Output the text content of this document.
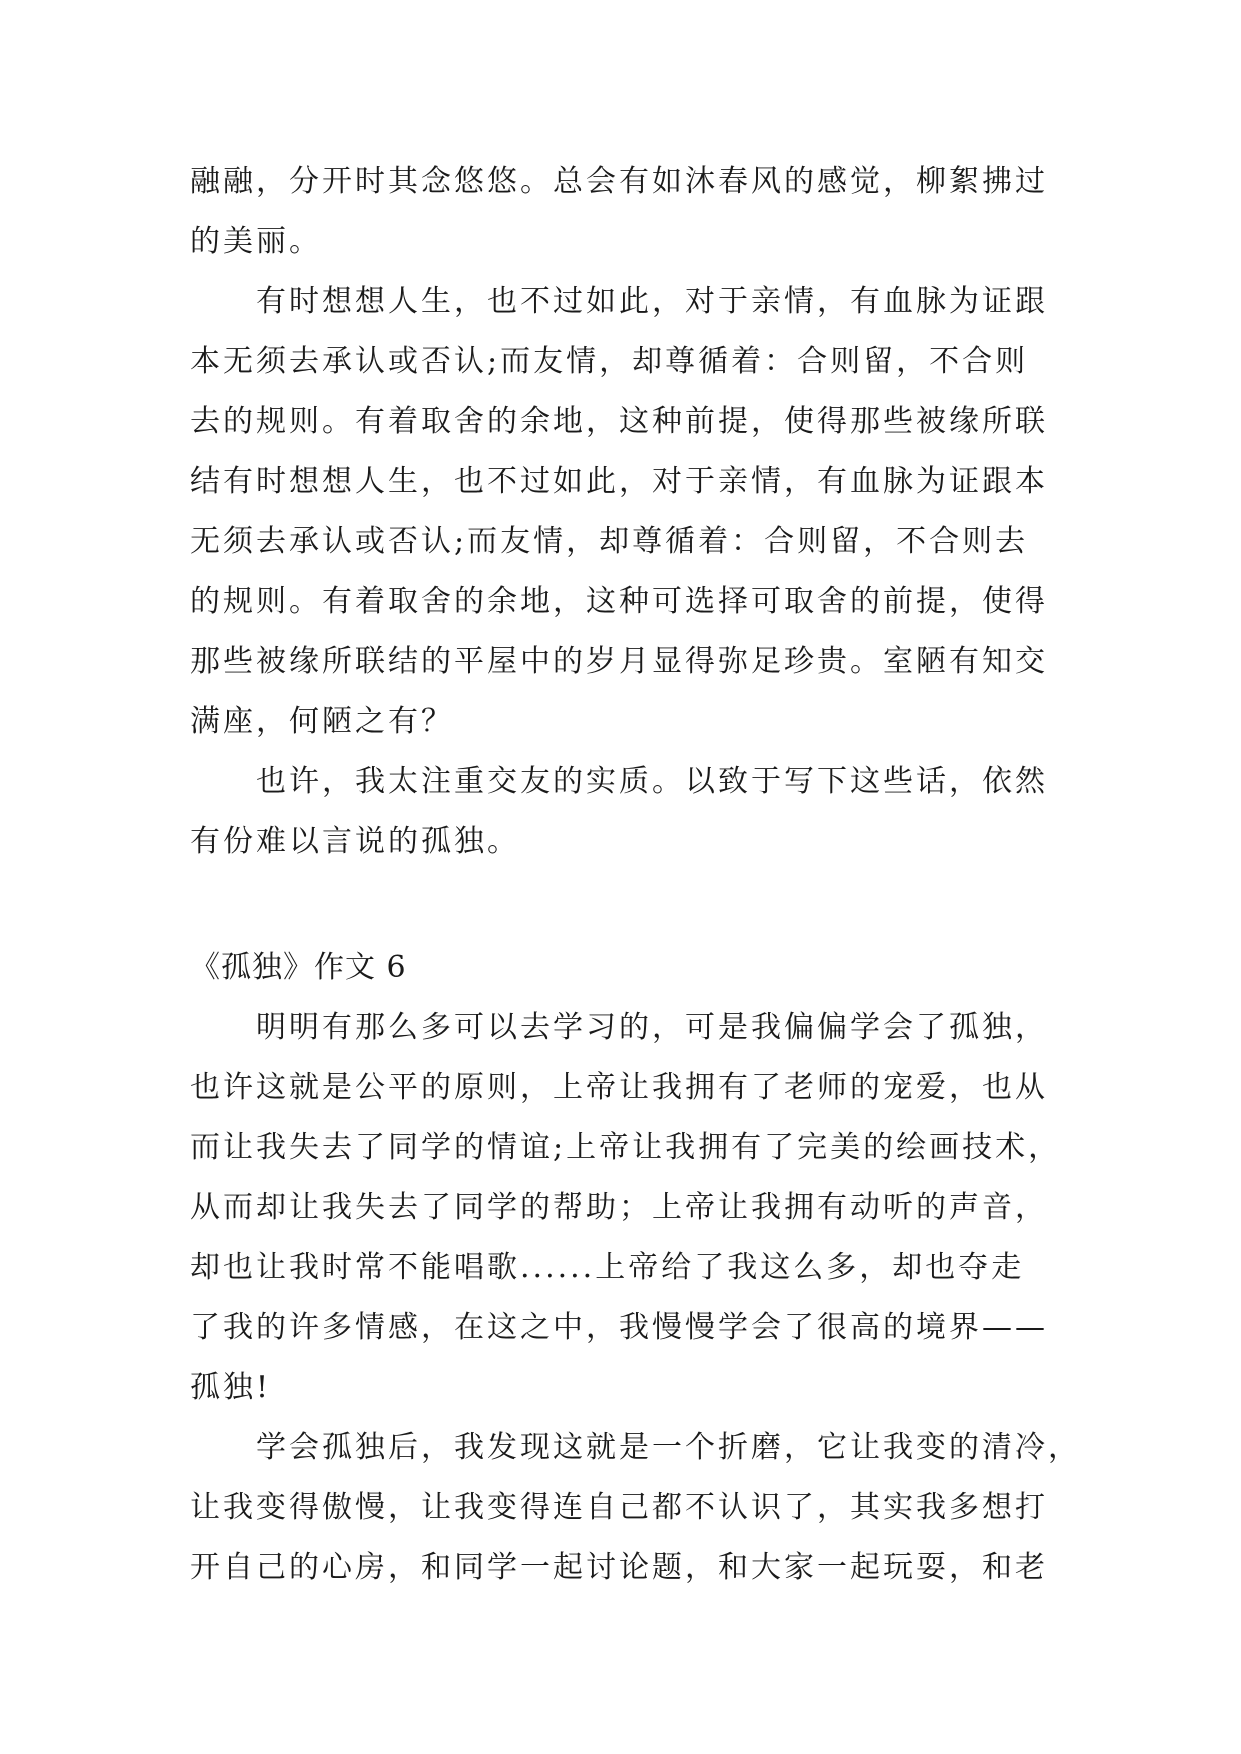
融融，分开时其念悠悠。总会有如沐春风的感觉，柳絮拂过
的美丽。
　　有时想想人生，也不过如此，对于亲情，有血脉为证跟
本无须去承认或否认;而友情，却尊循着：合则留，不合则
去的规则。有着取舍的余地，这种前提，使得那些被缘所联
结有时想想人生，也不过如此，对于亲情，有血脉为证跟本
无须去承认或否认;而友情，却尊循着：合则留，不合则去
的规则。有着取舍的余地，这种可选择可取舍的前提，使得
那些被缘所联结的平屋中的岁月显得弥足珍贵。室陋有知交
满座，何陋之有？
　　也许，我太注重交友的实质。以致于写下这些话，依然
有份难以言说的孤独。
《孤独》作文 6
　　明明有那么多可以去学习的，可是我偏偏学会了孤独，
也许这就是公平的原则，上帝让我拥有了老师的宠爱，也从
而让我失去了同学的情谊;上帝让我拥有了完美的绘画技术，
从而却让我失去了同学的帮助；上帝让我拥有动听的声音，
却也让我时常不能唱歌......上帝给了我这么多，却也夺走
了我的许多情感，在这之中，我慢慢学会了很高的境界——
孤独!
　　学会孤独后，我发现这就是一个折磨，它让我变的清冷，
让我变得傲慢，让我变得连自己都不认识了，其实我多想打
开自己的心房，和同学一起讨论题，和大家一起玩耍，和老
